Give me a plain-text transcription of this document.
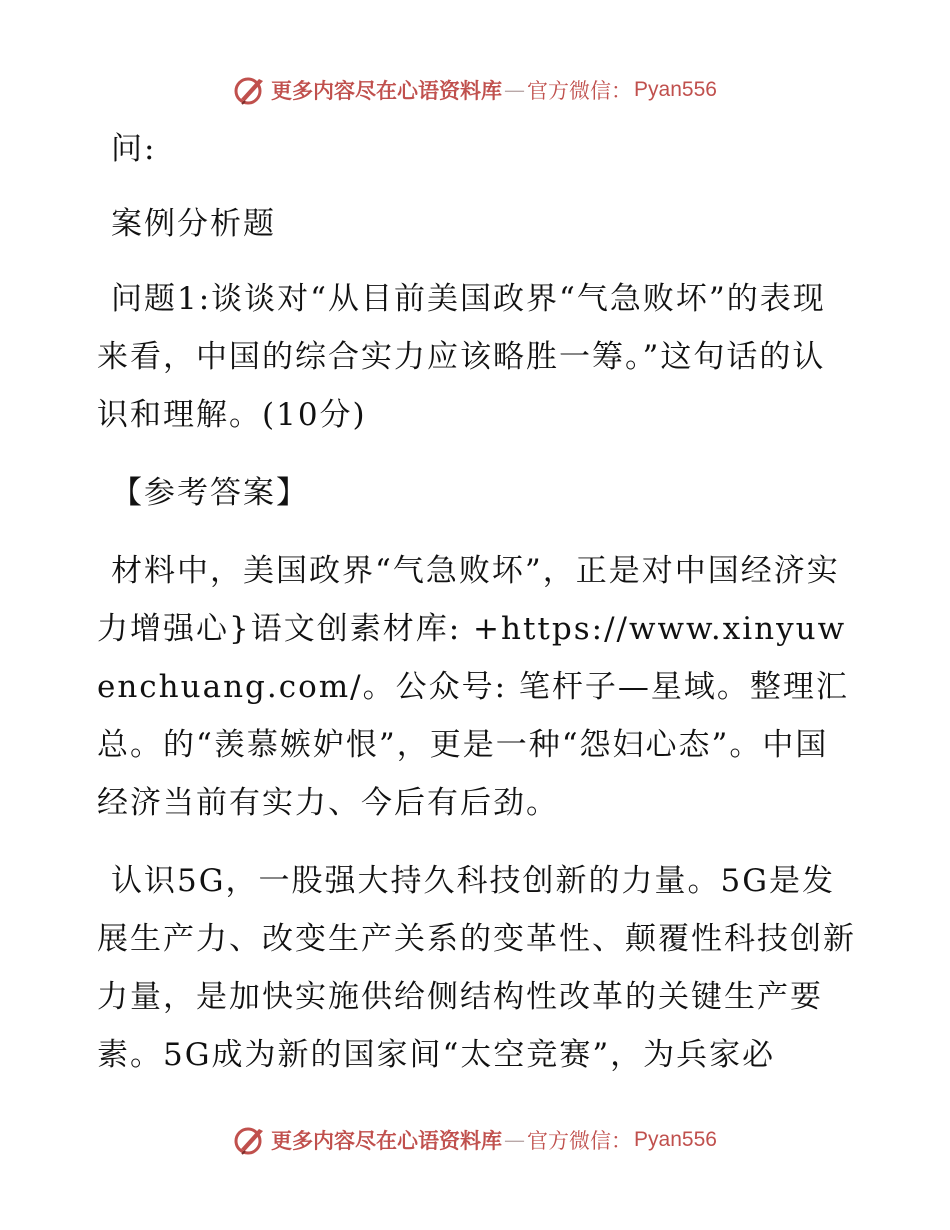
更多内容尽在心语资料库 — 官方微信： Pyan556

问:

案例分析题

问题1:谈谈对“从目前美国政界“气急败坏”的表现来看，中国的综合实力应该略胜一筹。”这句话的认识和理解。(10分)

【参考答案】

材料中，美国政界“气急败坏”，正是对中国经济实力增强心}语文创素材库: +https://www.xinyuwenchuang.com/。公众号: 笔杆子—星域。整理汇总。的“羡慕嫉妒恨”，更是一种“怨妇心态”。中国经济当前有实力、今后有后劲。

认识5G，一股强大持久科技创新的力量。5G是发展生产力、改变生产关系的变革性、颠覆性科技创新力量，是加快实施供给侧结构性改革的关键生产要素。5G成为新的国家间“太空竞赛”，为兵家必

更多内容尽在心语资料库 — 官方微信： Pyan556
